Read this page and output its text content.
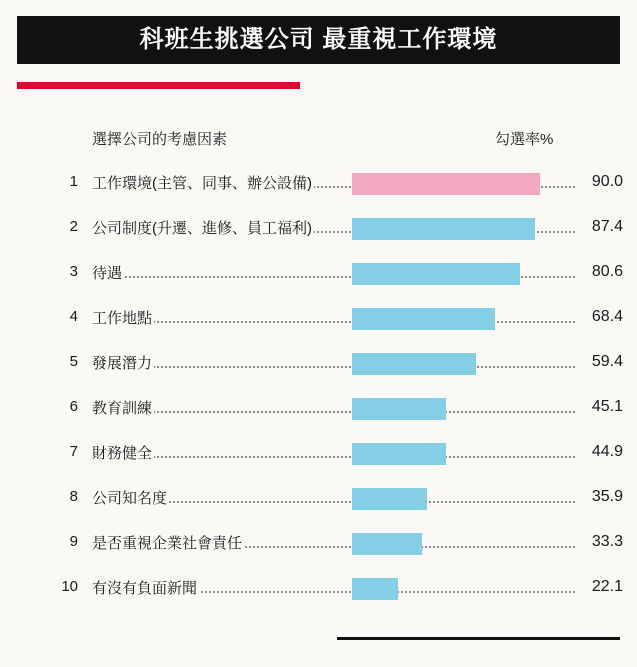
科班生挑選公司 最重視工作環境
選擇公司的考慮因素	勾選率%
1 工作環境(主管、同事、辦公設備)	90.0
2 公司制度(升遷、進修、員工福利)	87.4
3 待遇	80.6
4 工作地點	68.4
5 發展潛力	59.4
6 教育訓練	45.1
7 財務健全	44.9
8 公司知名度	35.9
9 是否重視企業社會責任	33.3
10 有沒有負面新聞	22.1
